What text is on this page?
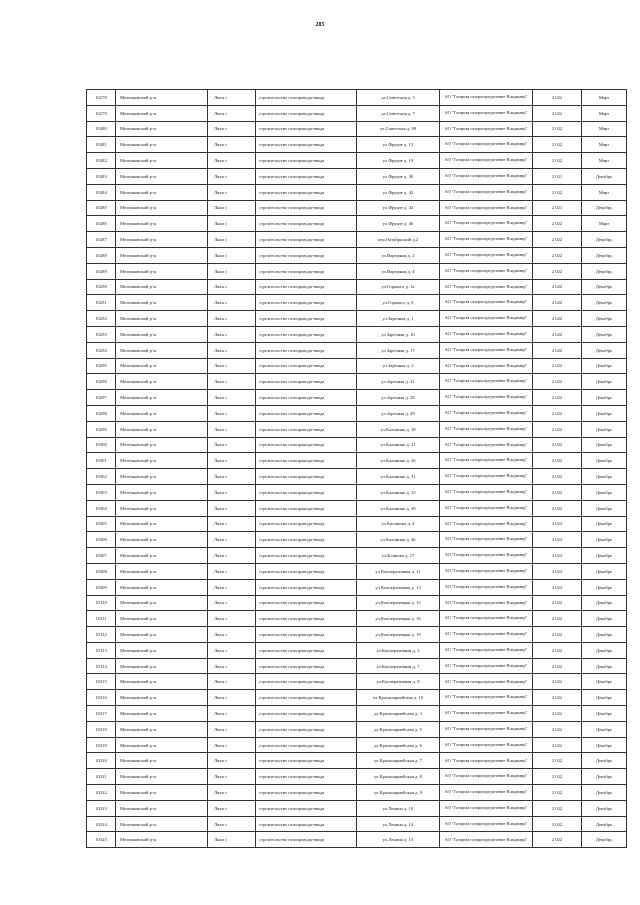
285
10278	Меленковский р-н	Ляхи с	строительство газопровода-ввода	ул.Советская д. 5	АО "Газпром газораспределение Владимир"	2 022	Март
10279	Меленковский р-н	Ляхи с	строительство газопровода-ввода	ул.Советская д. 7	АО "Газпром газораспределение Владимир"	2 022	Март
10280	Меленковский р-н	Ляхи с	строительство газопровода-ввода	ул.Советская д. 98	АО "Газпром газораспределение Владимир"	2 022	Март
10281	Меленковский р-н	Ляхи с	строительство газопровода-ввода	ул.Фрунзе д. 13	АО "Газпром газораспределение Владимир"	2 022	Март
10282	Меленковский р-н	Ляхи с	строительство газопровода-ввода	ул.Фрунзе д. 19	АО "Газпром газораспределение Владимир"	2 022	Март
10283	Меленковский р-н	Ляхи с	строительство газопровода-ввода	ул.Фрунзе д. 30	АО "Газпром газораспределение Владимир"	2 021	Декабрь
10284	Меленковский р-н	Ляхи с	строительство газопровода-ввода	ул.Фрунзе д. 42	АО "Газпром газораспределение Владимир"	2 022	Март
10285	Меленковский р-н	Ляхи с	строительство газопровода-ввода	ул.Фрунзе д. 43	АО "Газпром газораспределение Владимир"	2 021	Декабрь
10286	Меленковский р-н	Ляхи с	строительство газопровода-ввода	ул.Фрунзе д. 46	АО "Газпром газораспределение Владимир"	2 022	Март
10287	Меленковский р-н	Ляхи с	строительство газопровода-ввода	пер.Октябрьский д.2	АО "Газпром газораспределение Владимир"	2 022	Декабрь
10288	Меленковский р-н	Ляхи с	строительство газопровода-ввода	ул.Варежная д. 2	АО "Газпром газораспределение Владимир"	2 022	Декабрь
10289	Меленковский р-н	Ляхи с	строительство газопровода-ввода	ул.Варежная д. 4	АО "Газпром газораспределение Владимир"	2 022	Декабрь
10290	Меленковский р-н	Ляхи с	строительство газопровода-ввода	ул.Горького д. 1а	АО "Газпром газораспределение Владимир"	2 022	Декабрь
10291	Меленковский р-н	Ляхи с	строительство газопровода-ввода	ул.Горького д. 6	АО "Газпром газораспределение Владимир"	2 022	Декабрь
10292	Меленковский р-н	Ляхи с	строительство газопровода-ввода	ул.Заречная д. 1	АО "Газпром газораспределение Владимир"	2 022	Декабрь
10293	Меленковский р-н	Ляхи с	строительство газопровода-ввода	ул.Заречная д. 10	АО "Газпром газораспределение Владимир"	2 022	Декабрь
10294	Меленковский р-н	Ляхи с	строительство газопровода-ввода	ул.Заречная д. 17	АО "Газпром газораспределение Владимир"	2 022	Декабрь
10295	Меленковский р-н	Ляхи с	строительство газопровода-ввода	ул.Заречная д. 2	АО "Газпром газораспределение Владимир"	2 022	Декабрь
10296	Меленковский р-н	Ляхи с	строительство газопровода-ввода	ул.Заречная д. 21	АО "Газпром газораспределение Владимир"	2 022	Декабрь
10297	Меленковский р-н	Ляхи с	строительство газопровода-ввода	ул.Заречная д. 28	АО "Газпром газораспределение Владимир"	2 022	Декабрь
10298	Меленковский р-н	Ляхи с	строительство газопровода-ввода	ул.Заречная д. 29	АО "Газпром газораспределение Владимир"	2 022	Декабрь
10299	Меленковский р-н	Ляхи с	строительство газопровода-ввода	ул.Калинина д. 18	АО "Газпром газораспределение Владимир"	2 022	Декабрь
10300	Меленковский р-н	Ляхи с	строительство газопровода-ввода	ул.Калинина д. 21	АО "Газпром газораспределение Владимир"	2 022	Декабрь
10301	Меленковский р-н	Ляхи с	строительство газопровода-ввода	ул.Калинина д. 26	АО "Газпром газораспределение Владимир"	2 022	Декабрь
10302	Меленковский р-н	Ляхи с	строительство газопровода-ввода	ул.Калинина д. 31	АО "Газпром газораспределение Владимир"	2 022	Декабрь
10303	Меленковский р-н	Ляхи с	строительство газопровода-ввода	ул.Калинина д. 33	АО "Газпром газораспределение Владимир"	2 022	Декабрь
10304	Меленковский р-н	Ляхи с	строительство газопровода-ввода	ул.Калинина д. 39	АО "Газпром газораспределение Владимир"	2 022	Декабрь
10305	Меленковский р-н	Ляхи с	строительство газопровода-ввода	ул.Калинина д. 4	АО "Газпром газораспределение Владимир"	2 022	Декабрь
10306	Меленковский р-н	Ляхи с	строительство газопровода-ввода	ул.Калинина д. 46	АО "Газпром газораспределение Владимир"	2 022	Декабрь
10307	Меленковский р-н	Ляхи с	строительство газопровода-ввода	ул.Клинова д. 17	АО "Газпром газораспределение Владимир"	2 022	Декабрь
10308	Меленковский р-н	Ляхи с	строительство газопровода-ввода	ул.Кооперативная д. 11	АО "Газпром газораспределение Владимир"	2 022	Декабрь
10309	Меленковский р-н	Ляхи с	строительство газопровода-ввода	ул.Кооперативная д. 13	АО "Газпром газораспределение Владимир"	2 022	Декабрь
10310	Меленковский р-н	Ляхи с	строительство газопровода-ввода	ул.Кооперативная д. 15	АО "Газпром газораспределение Владимир"	2 022	Декабрь
10311	Меленковский р-н	Ляхи с	строительство газопровода-ввода	ул.Кооперативная д. 16	АО "Газпром газораспределение Владимир"	2 022	Декабрь
10312	Меленковский р-н	Ляхи с	строительство газопровода-ввода	ул.Кооперативная д. 19	АО "Газпром газораспределение Владимир"	2 022	Декабрь
10313	Меленковский р-н	Ляхи с	строительство газопровода-ввода	ул.Кооперативная д. 2	АО "Газпром газораспределение Владимир"	2 022	Декабрь
10314	Меленковский р-н	Ляхи с	строительство газопровода-ввода	ул.Кооперативная д. 7	АО "Газпром газораспределение Владимир"	2 022	Декабрь
10315	Меленковский р-н	Ляхи с	строительство газопровода-ввода	ул.Кооперативная д. 8	АО "Газпром газораспределение Владимир"	2 022	Декабрь
10316	Меленковский р-н	Ляхи с	строительство газопровода-ввода	ул.Красноармейская д. 10	АО "Газпром газораспределение Владимир"	2 022	Декабрь
10317	Меленковский р-н	Ляхи с	строительство газопровода-ввода	ул.Красноармейская д. 3	АО "Газпром газораспределение Владимир"	2 022	Декабрь
10318	Меленковский р-н	Ляхи с	строительство газопровода-ввода	ул.Красноармейская д. 5	АО "Газпром газораспределение Владимир"	2 022	Декабрь
10319	Меленковский р-н	Ляхи с	строительство газопровода-ввода	ул.Красноармейская д. 6	АО "Газпром газораспределение Владимир"	2 022	Декабрь
10320	Меленковский р-н	Ляхи с	строительство газопровода-ввода	ул.Красноармейская д. 7	АО "Газпром газораспределение Владимир"	2 022	Декабрь
10321	Меленковский р-н	Ляхи с	строительство газопровода-ввода	ул.Красноармейская д. 8	АО "Газпром газораспределение Владимир"	2 022	Декабрь
10322	Меленковский р-н	Ляхи с	строительство газопровода-ввода	ул.Красноармейская д. 9	АО "Газпром газораспределение Владимир"	2 022	Декабрь
10323	Меленковский р-н	Ляхи с	строительство газопровода-ввода	ул.Ленина д. 10	АО "Газпром газораспределение Владимир"	2 022	Декабрь
10324	Меленковский р-н	Ляхи с	строительство газопровода-ввода	ул.Ленина д. 14	АО "Газпром газораспределение Владимир"	2 022	Декабрь
10325	Меленковский р-н	Ляхи с	строительство газопровода-ввода	ул.Ленина д. 15	АО "Газпром газораспределение Владимир"	2 022	Декабрь
